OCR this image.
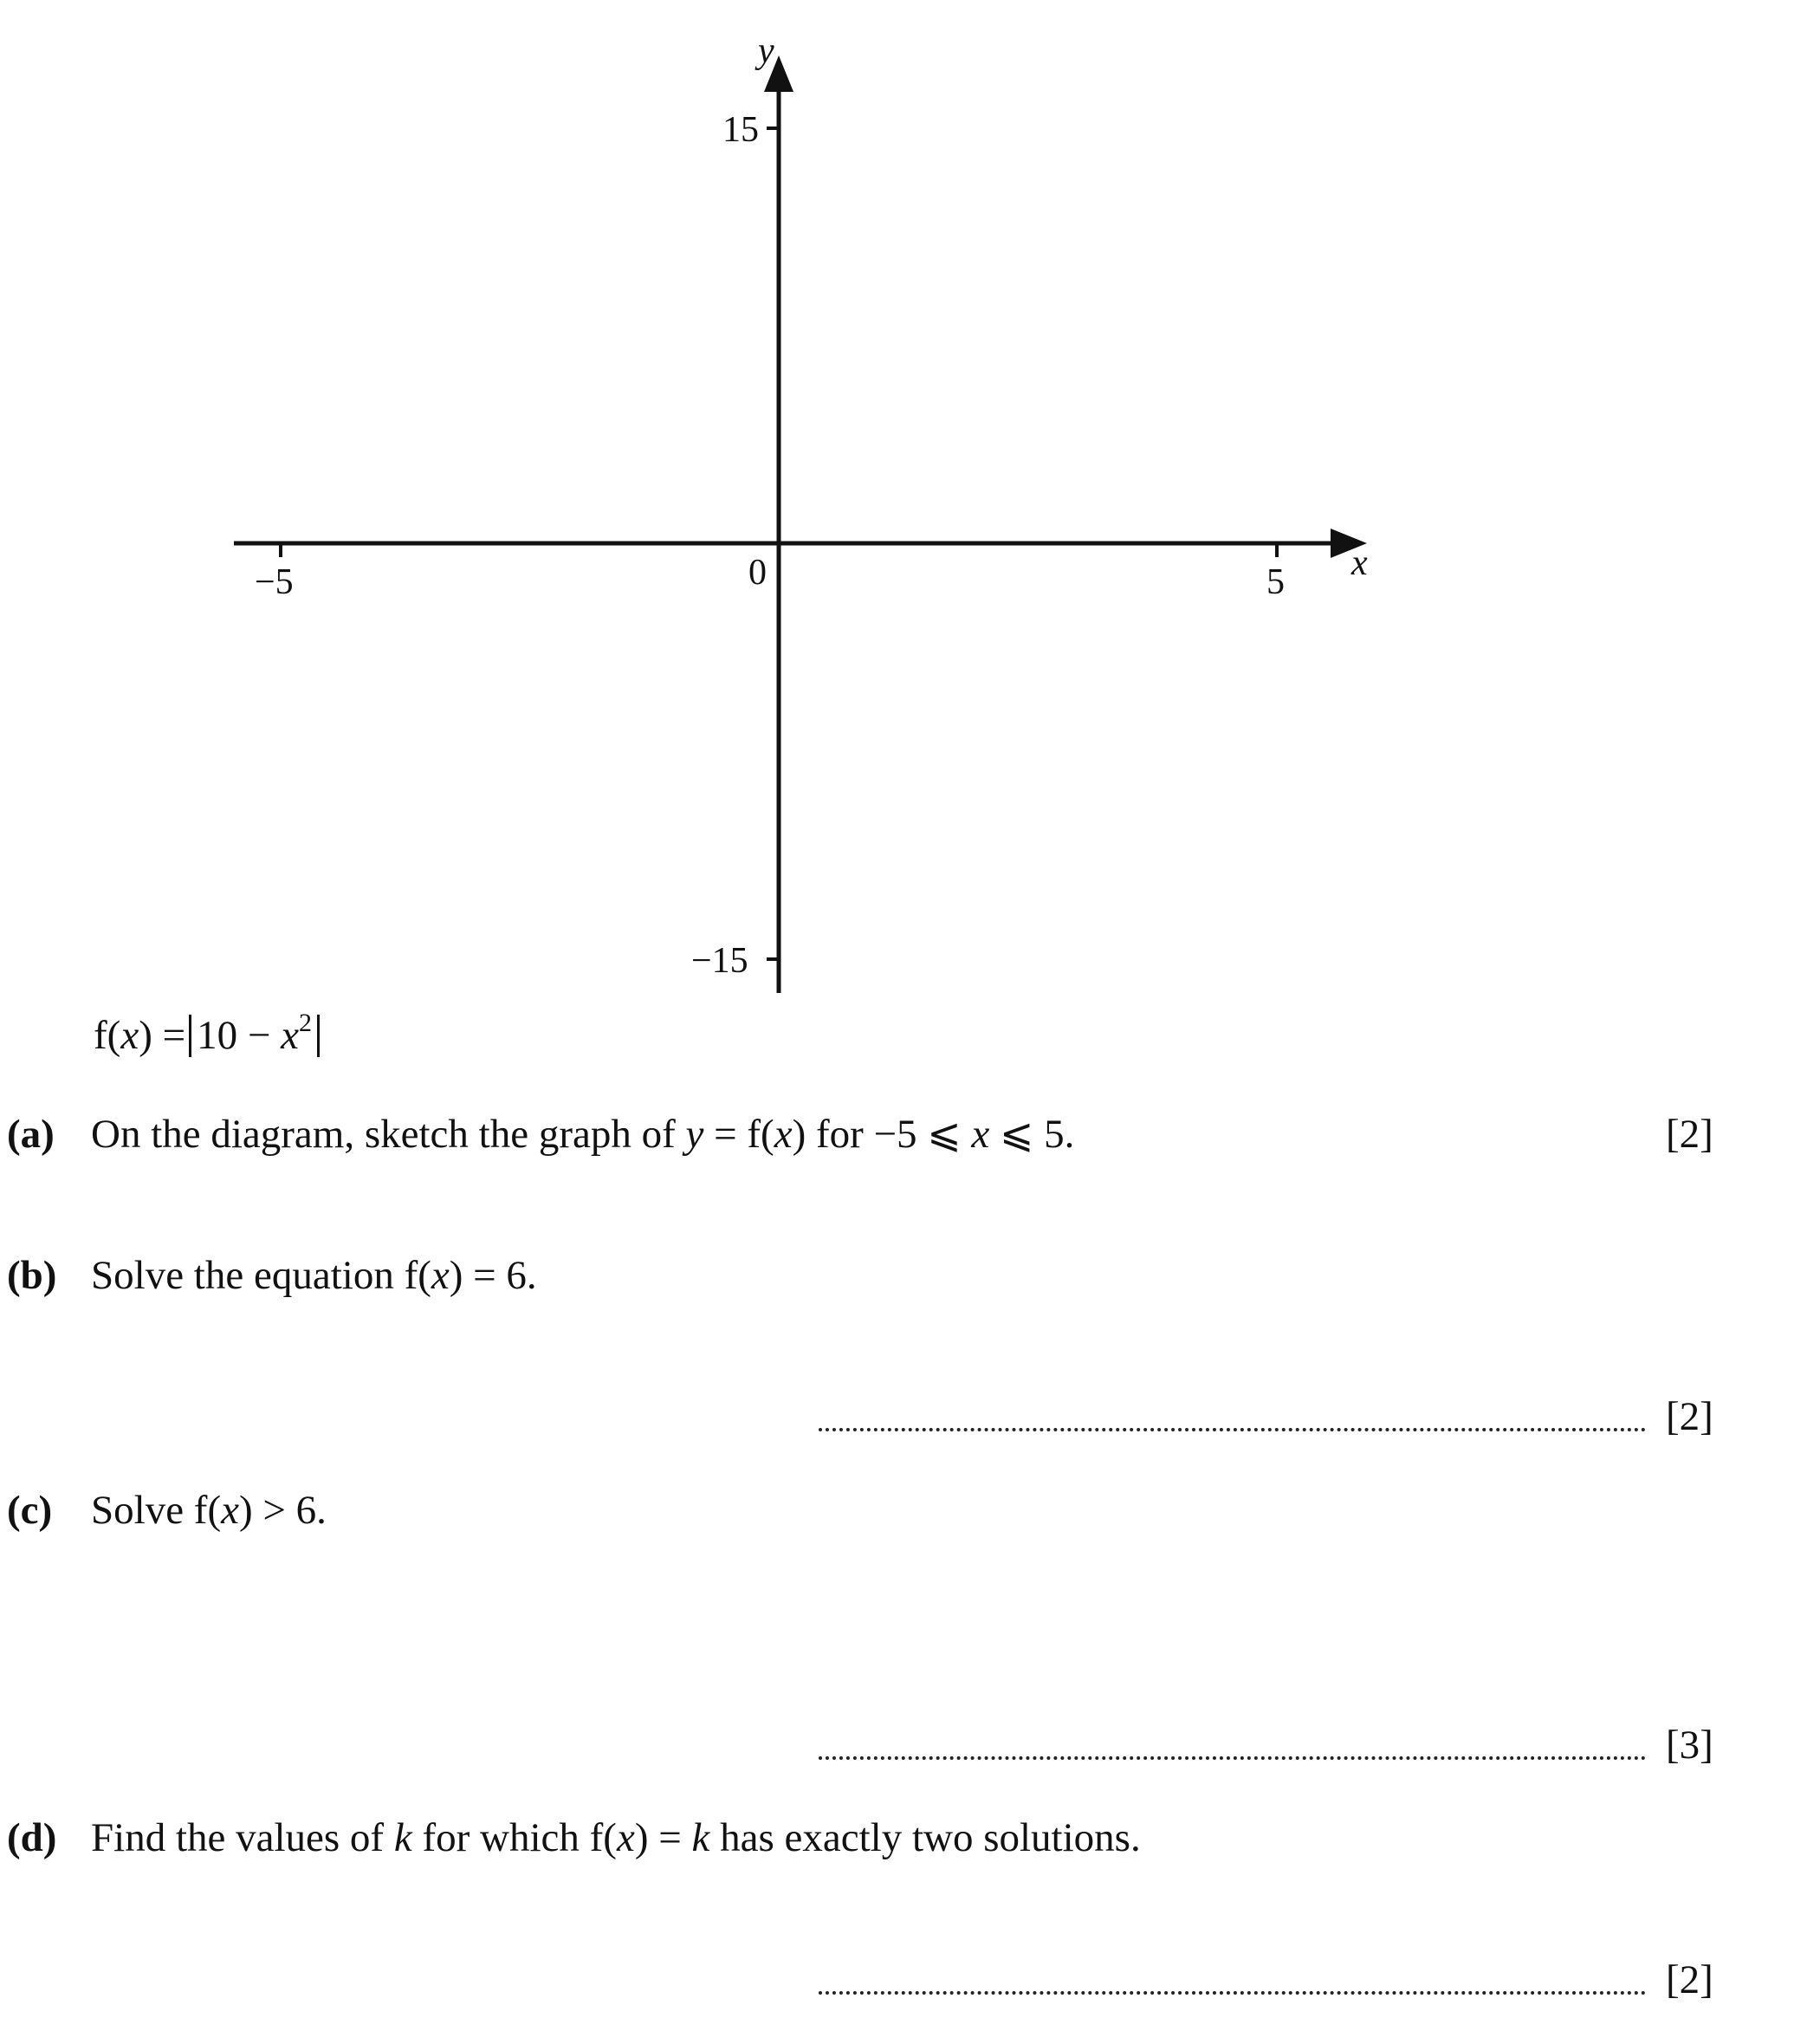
y
x
0
−5	5
15
−15
$f(x) = 10 - x^2$
(a) On the diagram, sketch the graph of y = f(x) for −5 ⩽ x ⩽ 5.	[2]
(b) Solve the equation f(x) = 6.
[2]
(c) Solve f(x) > 6.
[3]
(d) Find the values of k for which f(x) = k has exactly two solutions.
[2]
